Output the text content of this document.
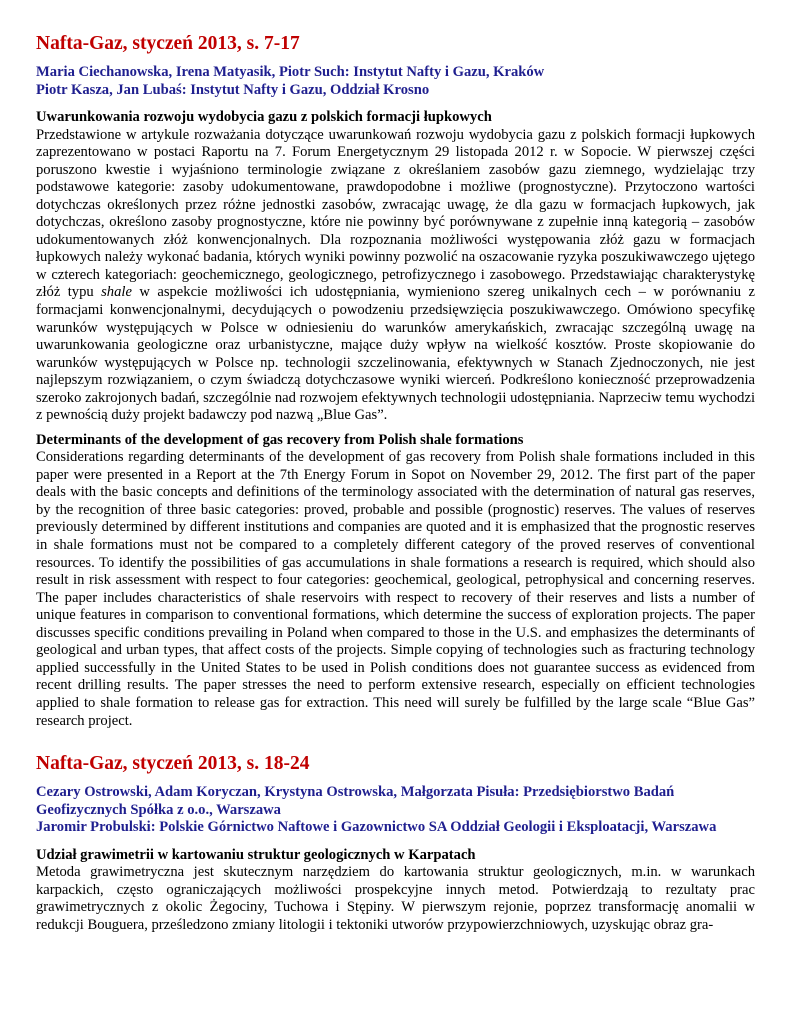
Nafta-Gaz, styczeń 2013, s. 7-17
Maria Ciechanowska, Irena Matyasik, Piotr Such: Instytut Nafty i Gazu, Kraków
Piotr Kasza, Jan Lubaś: Instytut Nafty i Gazu, Oddział Krosno
Uwarunkowania rozwoju wydobycia gazu z polskich formacji łupkowych

Przedstawione w artykule rozważania dotyczące uwarunkowań rozwoju wydobycia gazu z polskich formacji łupkowych zaprezentowano w postaci Raportu na 7. Forum Energetycznym 29 listopada 2012 r. w Sopocie. W pierwszej części poruszono kwestie i wyjaśniono terminologie związane z określaniem zasobów gazu ziemnego, wydzielając trzy podstawowe kategorie: zasoby udokumentowane, prawdopodobne i możliwe (prognostyczne). Przytoczono wartości dotychczas określonych przez różne jednostki zasobów, zwracając uwagę, że dla gazu w formacjach łupkowych, jak dotychczas, określono zasoby prognostyczne, które nie powinny być porównywane z zupełnie inną kategorią – zasobów udokumentowanych złóż konwencjonalnych. Dla rozpoznania możliwości występowania złóż gazu w formacjach łupkowych należy wykonać badania, których wyniki powinny pozwolić na oszacowanie ryzyka poszukiwawczego ujętego w czterech kategoriach: geochemicznego, geologicznego, petrofizycznego i zasobowego. Przedstawiając charakterystykę złóż typu shale w aspekcie możliwości ich udostępniania, wymieniono szereg unikalnych cech – w porównaniu z formacjami konwencjonalnymi, decydujących o powodzeniu przedsięwzięcia poszukiwawczego. Omówiono specyfikę warunków występujących w Polsce w odniesieniu do warunków amerykańskich, zwracając szczególną uwagę na uwarunkowania geologiczne oraz urbanistyczne, mające duży wpływ na wielkość kosztów. Proste skopiowanie do warunków występujących w Polsce np. technologii szczelinowania, efektywnych w Stanach Zjednoczonych, nie jest najlepszym rozwiązaniem, o czym świadczą dotychczasowe wyniki wierceń. Podkreślono konieczność przeprowadzenia szeroko zakrojonych badań, szczególnie nad rozwojem efektywnych technologii udostępniania. Naprzeciw temu wychodzi z pewnością duży projekt badawczy pod nazwą „Blue Gas”.

Determinants of the development of gas recovery from Polish shale formations

Considerations regarding determinants of the development of gas recovery from Polish shale formations included in this paper were presented in a Report at the 7th Energy Forum in Sopot on November 29, 2012. The first part of the paper deals with the basic concepts and definitions of the terminology associated with the determination of natural gas reserves, by the recognition of three basic categories: proved, probable and possible (prognostic) reserves. The values of reserves previously determined by different institutions and companies are quoted and it is emphasized that the prognostic reserves in shale formations must not be compared to a completely different category of the proved reserves of conventional resources. To identify the possibilities of gas accumulations in shale formations a research is required, which should also result in risk assessment with respect to four categories: geochemical, geological, petrophysical and concerning reserves. The paper includes characteristics of shale reservoirs with respect to recovery of their reserves and lists a number of unique features in comparison to conventional formations, which determine the success of exploration projects. The paper discusses specific conditions prevailing in Poland when compared to those in the U.S. and emphasizes the determinants of geological and urban types, that affect costs of the projects. Simple copying of technologies such as fracturing technology applied successfully in the United States to be used in Polish conditions does not guarantee success as evidenced from recent drilling results. The paper stresses the need to perform extensive research, especially on efficient technologies applied to shale formation to release gas for extraction. This need will surely be fulfilled by the large scale “Blue Gas” research project.

Nafta-Gaz, styczeń 2013, s. 18-24
Cezary Ostrowski, Adam Koryczan, Krystyna Ostrowska, Małgorzata Pisuła: Przedsiębiorstwo Badań Geofizycznych Spółka z o.o., Warszawa
Jaromir Probulski: Polskie Górnictwo Naftowe i Gazownictwo SA Oddział Geologii i Eksploatacji, Warszawa
Udział grawimetrii w kartowaniu struktur geologicznych w Karpatach

Metoda grawimetryczna jest skutecznym narzędziem do kartowania struktur geologicznych, m.in. w warunkach karpackich, często ograniczających możliwości prospekcyjne innych metod. Potwierdzają to rezultaty prac grawimetrycznych z okolic Żegociny, Tuchowa i Stępiny. W pierwszym rejonie, poprzez transformację anomalii w redukcji Bouguera, prześledzono zmiany litologii i tektoniki utworów przypowierzchniowych, uzyskując obraz gra-
